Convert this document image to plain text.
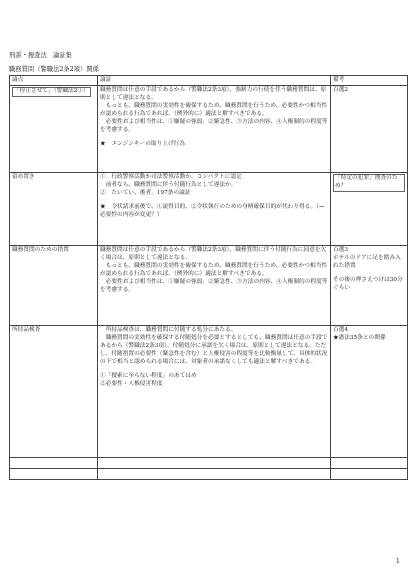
刑訴・捜査法　論証集
職務質問（警職法2条2項）関係
論点	論証	備考
「停止させて」（警職法2①）	職務質問は任意の手段であるから（警職法2条3項）、強制力の行使を伴う職務質問は、原則として違法となる。
もっとも、職務質問の実効性を確保するため、職務質問を行うため、必要性かつ相当性が認められる行為であれば、（例外的に）適法と解すべきである。
必要性および相当性は、①嫌疑の強弱、②緊急性、③方法の内容、④人権制約の程度等を考慮する。
★　エンジンキーの取り上げ行為	百選2

留め置き	①　行政警察活動か司法警察活動か、コンパクトに認定
前者なら、職務質問に伴う付随行為として違法か。
②　たいてい、後者。197条の論証
★　令状請求前後で、①説得目的、②令状執行のための身柄確保目的が代わり得る。（→必要性の内容が変更？）	「特定の犯罪」捜査のため？
職務質問のための措置	職務質問は任意の手段であるから（警職法2条3項）、職務質問に伴う付随行為に同意を欠く場合は、原則として違法となる。
もっとも、職務質問の実効性を確保するため、職務質問を行うため、必要性かつ相当性が認められる行為であれば、（例外的に）適法と解すべきである。
必要性および相当性は、①嫌疑の強弱、②緊急性、③方法の内容、④人権制約の程度等を考慮する。	百選3
ホテルのドアに足を踏み入れた措置
その後の押さえつけは30分ぐらい

所持品検査	所持品検査は、職務質問に付随する処分にあたる。
職務質問の実効性を確保する付随処分を必要とするとしても、職務質問は任意の手段であるから（警職法2条3項）、付随処分に承諾を欠く場合は、原則として違法となる。ただし、付随措置の必要性（緊急性を含む）と人権侵害の程度等を比較衡量して、具体的状況の下で相当と認められる場合には、対象者の承諾なくしても適法と解すべきである。
①「捜索に至らない程度」のあてはめ
②必要性・人権侵害程度	百選4
★憲法35条との関係

1
